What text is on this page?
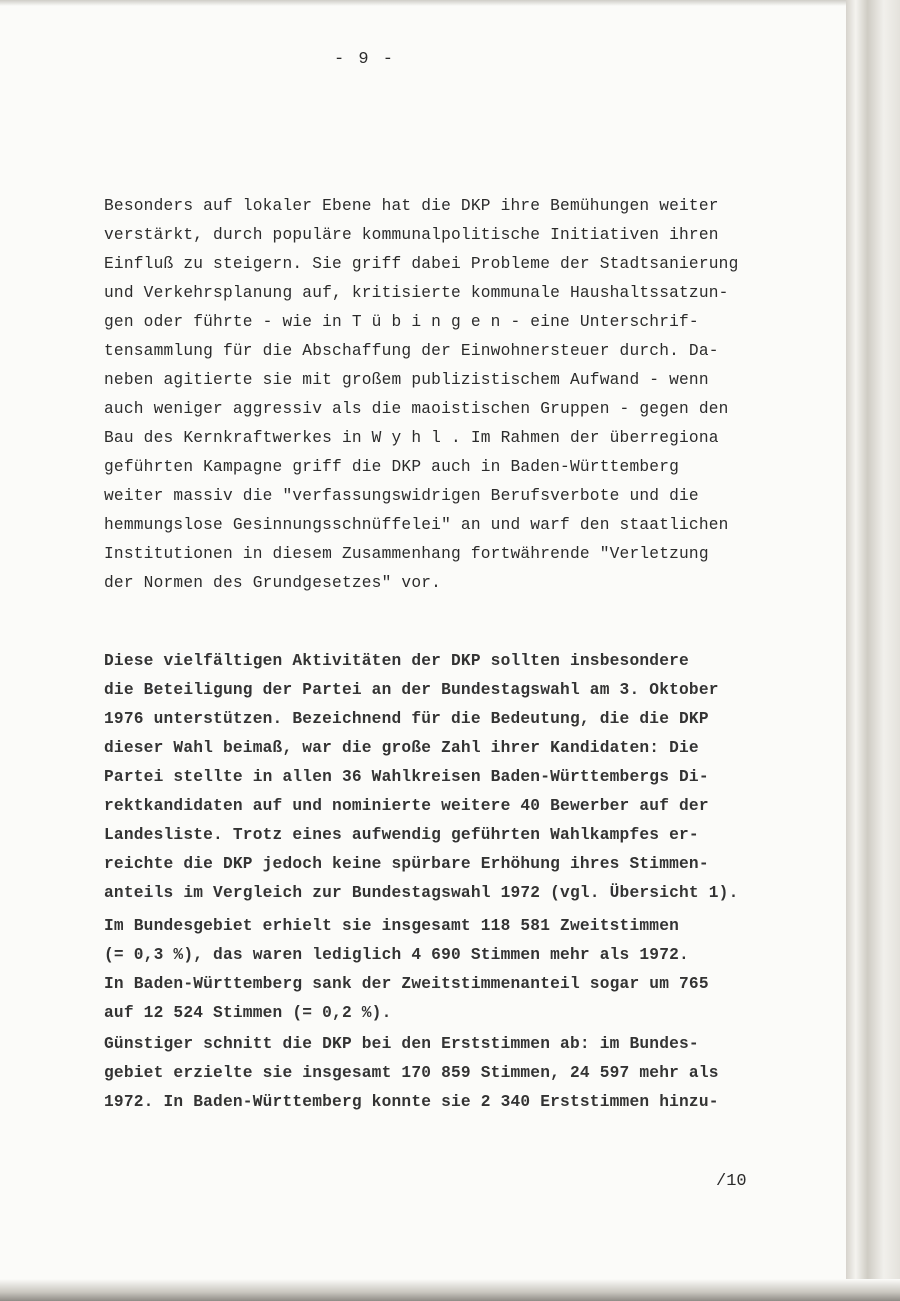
- 9 -
Besonders auf lokaler Ebene hat die DKP ihre Bemühungen weiter
verstärkt, durch populäre kommunalpolitische Initiativen ihren
Einfluß zu steigern. Sie griff dabei Probleme der Stadtsanierung
und Verkehrsplanung auf, kritisierte kommunale Haushaltssatzun-
gen oder führte - wie in T ü b i n g e n - eine Unterschrif-
tensammlung für die Abschaffung der Einwohnersteuer durch. Da-
neben agitierte sie mit großem publizistischem Aufwand - wenn
auch weniger aggressiv als die maoistischen Gruppen - gegen den
Bau des Kernkraftwerkes in W y h l . Im Rahmen der überregiona
geführten Kampagne griff die DKP auch in Baden-Württemberg
weiter massiv die "verfassungswidrigen Berufsverbote und die
hemmungslose Gesinnungsschnüffelei" an und warf den staatlichen
Institutionen in diesem Zusammenhang fortwährende "Verletzung
der Normen des Grundgesetzes" vor.
Diese vielfältigen Aktivitäten der DKP sollten insbesondere
die Beteiligung der Partei an der Bundestagswahl am 3. Oktober
1976 unterstützen. Bezeichnend für die Bedeutung, die die DKP
dieser Wahl beimaß, war die große Zahl ihrer Kandidaten: Die
Partei stellte in allen 36 Wahlkreisen Baden-Württembergs Di-
rektkandidaten auf und nominierte weitere 40 Bewerber auf der
Landesliste. Trotz eines aufwendig geführten Wahlkampfes er-
reichte die DKP jedoch keine spürbare Erhöhung ihres Stimmen-
anteils im Vergleich zur Bundestagswahl 1972 (vgl. Übersicht 1).
Im Bundesgebiet erhielt sie insgesamt 118 581 Zweitstimmen
(= 0,3 %), das waren lediglich 4 690 Stimmen mehr als 1972.
In Baden-Württemberg sank der Zweitstimmenanteil sogar um 765
auf 12 524 Stimmen (= 0,2 %).
Günstiger schnitt die DKP bei den Erststimmen ab: im Bundes-
gebiet erzielte sie insgesamt 170 859 Stimmen, 24 597 mehr als
1972. In Baden-Württemberg konnte sie 2 340 Erststimmen hinzu-
/10
